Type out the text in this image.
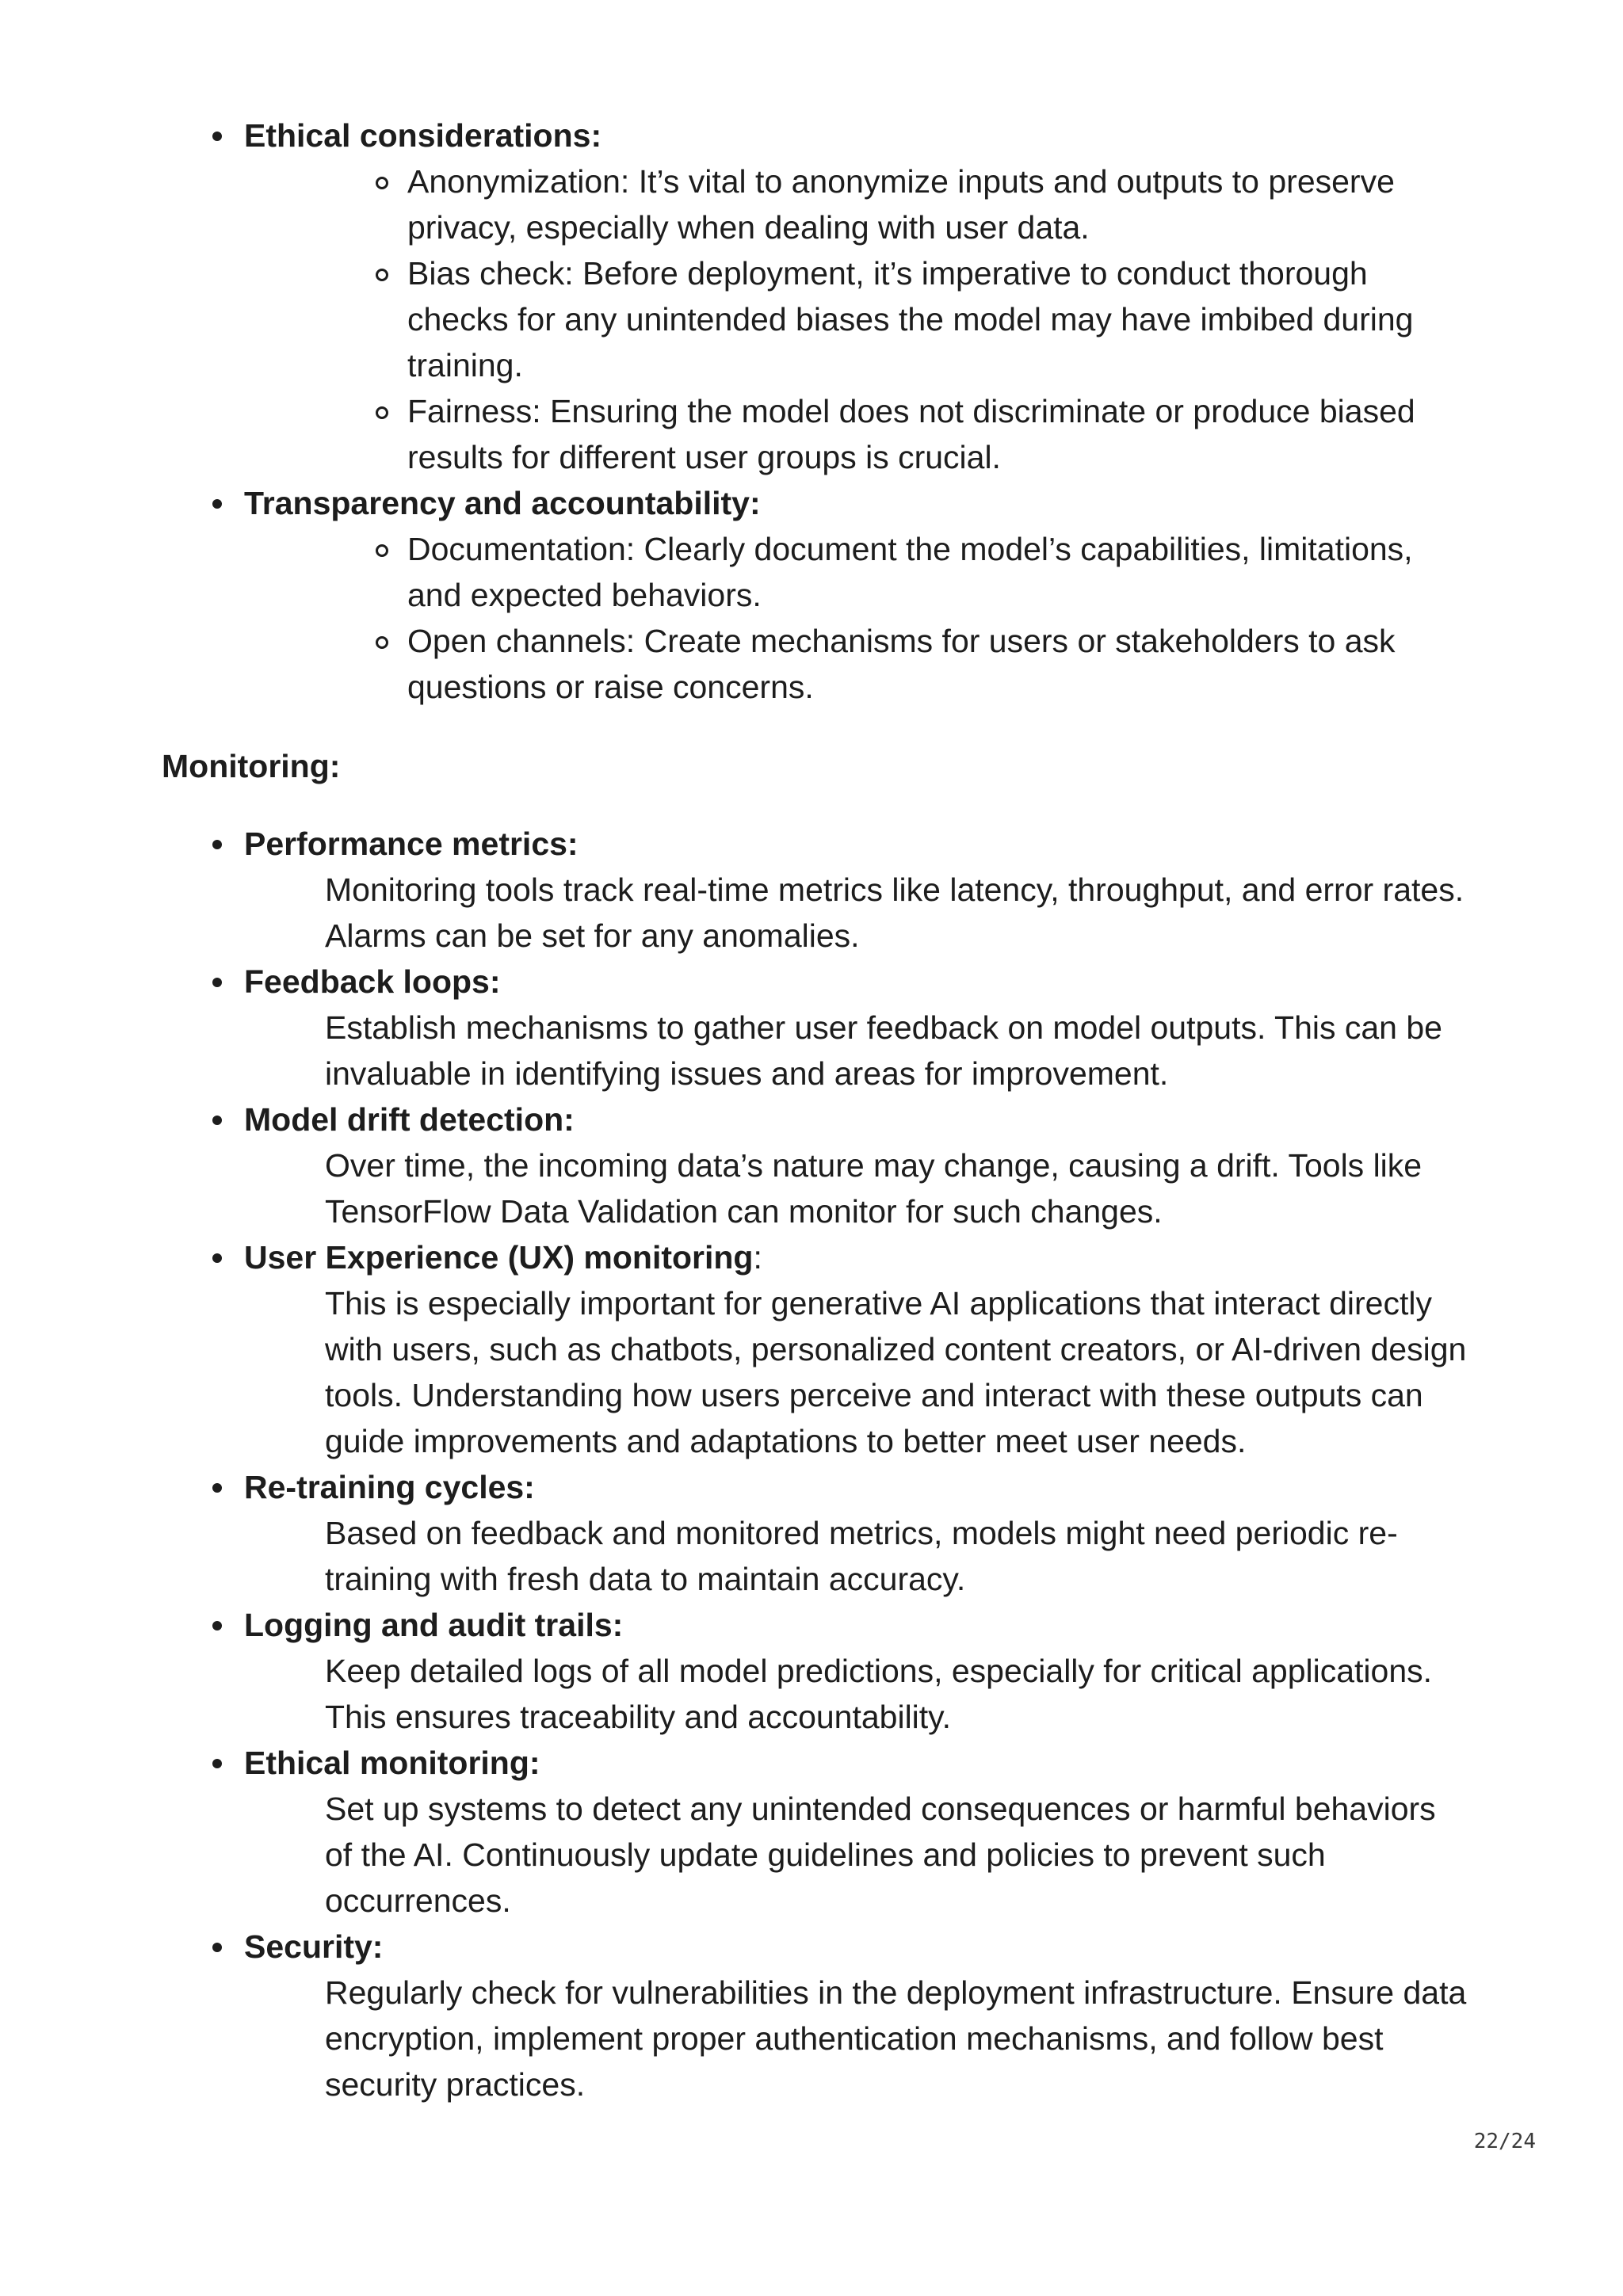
Ethical considerations:
Anonymization: It’s vital to anonymize inputs and outputs to preserve privacy, especially when dealing with user data.
Bias check: Before deployment, it’s imperative to conduct thorough checks for any unintended biases the model may have imbibed during training.
Fairness: Ensuring the model does not discriminate or produce biased results for different user groups is crucial.
Transparency and accountability:
Documentation: Clearly document the model’s capabilities, limitations, and expected behaviors.
Open channels: Create mechanisms for users or stakeholders to ask questions or raise concerns.
Monitoring:
Performance metrics:
Monitoring tools track real-time metrics like latency, throughput, and error rates. Alarms can be set for any anomalies.
Feedback loops:
Establish mechanisms to gather user feedback on model outputs. This can be invaluable in identifying issues and areas for improvement.
Model drift detection:
Over time, the incoming data’s nature may change, causing a drift. Tools like TensorFlow Data Validation can monitor for such changes.
User Experience (UX) monitoring:
This is especially important for generative AI applications that interact directly with users, such as chatbots, personalized content creators, or AI-driven design tools. Understanding how users perceive and interact with these outputs can guide improvements and adaptations to better meet user needs.
Re-training cycles:
Based on feedback and monitored metrics, models might need periodic re-training with fresh data to maintain accuracy.
Logging and audit trails:
Keep detailed logs of all model predictions, especially for critical applications. This ensures traceability and accountability.
Ethical monitoring:
Set up systems to detect any unintended consequences or harmful behaviors of the AI. Continuously update guidelines and policies to prevent such occurrences.
Security:
Regularly check for vulnerabilities in the deployment infrastructure. Ensure data encryption, implement proper authentication mechanisms, and follow best security practices.
22/24
